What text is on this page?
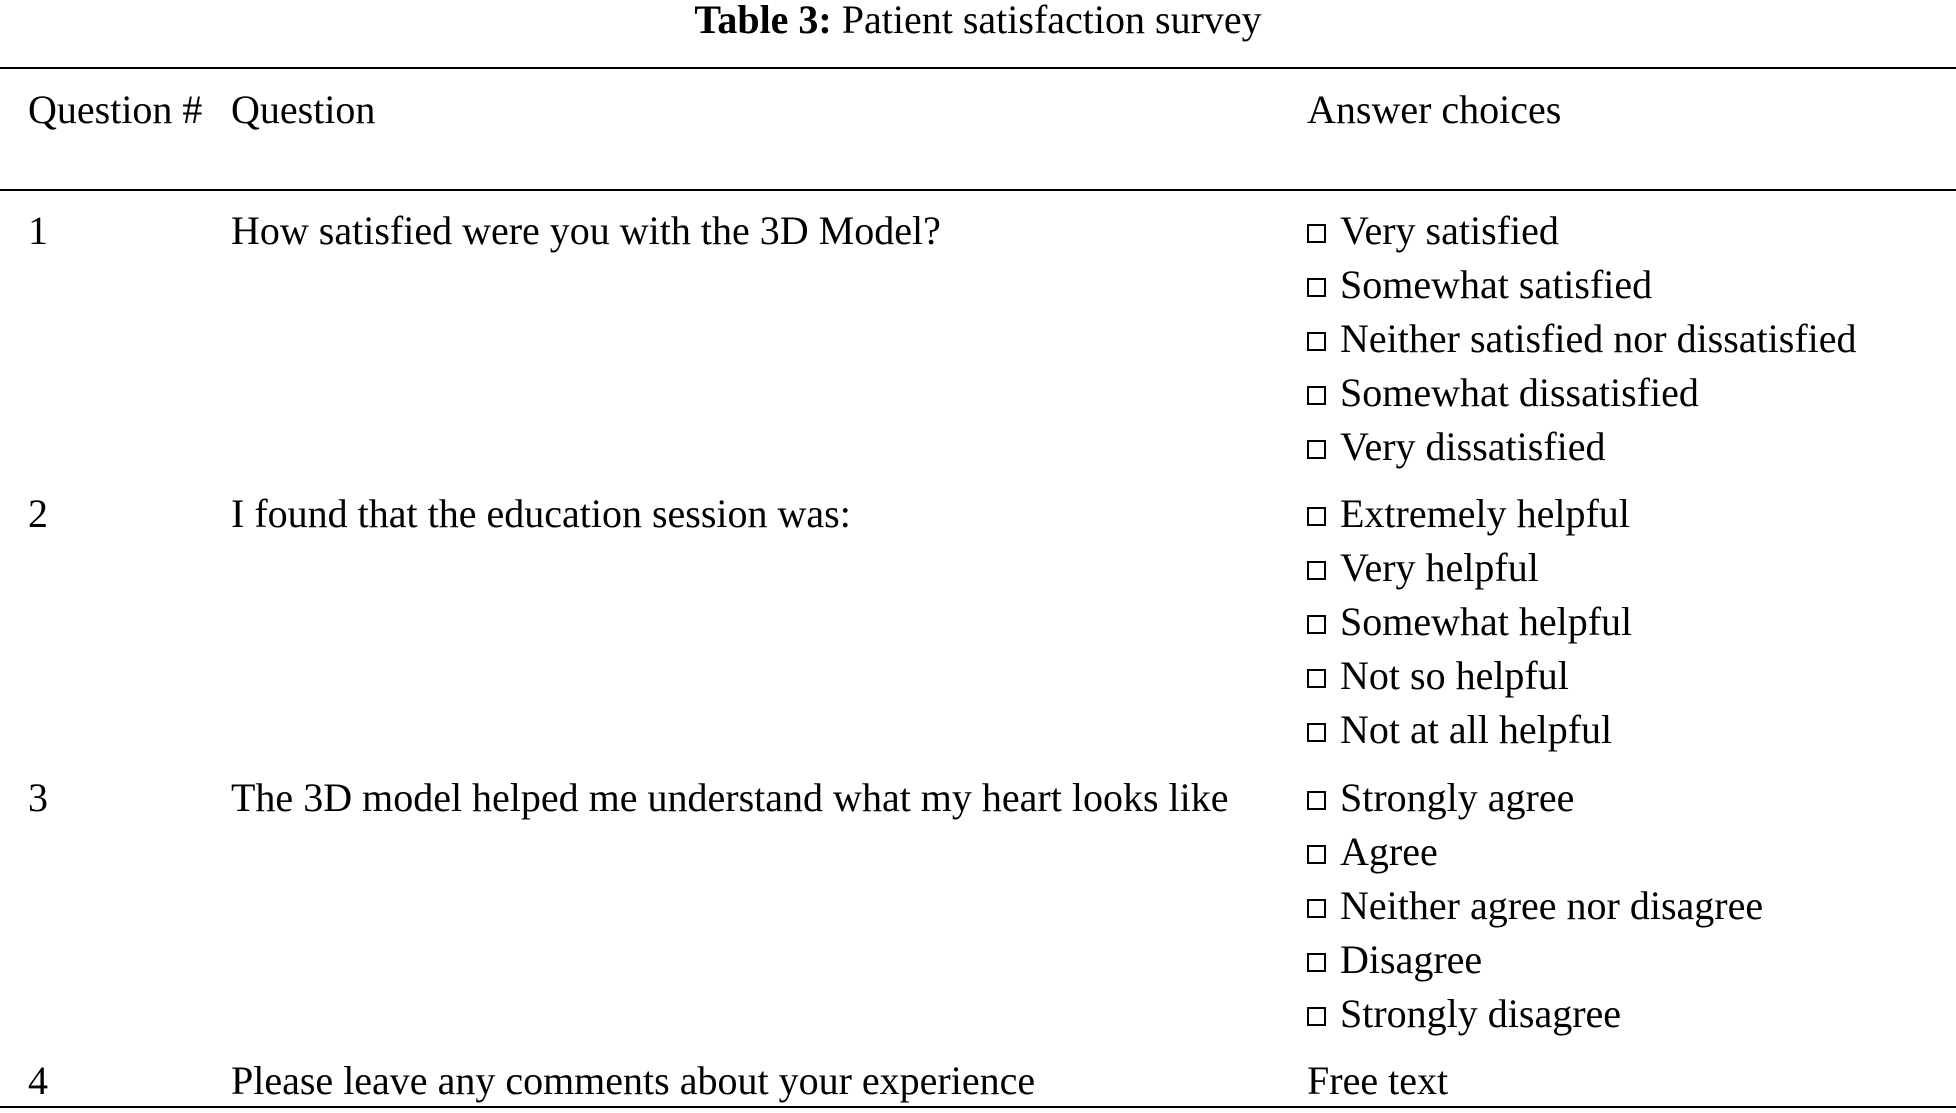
Table 3: Patient satisfaction survey
Question # Question	Answer choices
1	How satisfied were you with the 3D Model?	Very satisfied
Somewhat satisfied
Neither satisfied nor dissatisfied
Somewhat dissatisfied
Very dissatisfied
2	I found that the education session was:	Extremely helpful
Very helpful
Somewhat helpful
Not so helpful
Not at all helpful
3	The 3D model helped me understand what my heart looks like	Strongly agree
Agree
Neither agree nor disagree
Disagree
Strongly disagree
4	Please leave any comments about your experience	Free text
